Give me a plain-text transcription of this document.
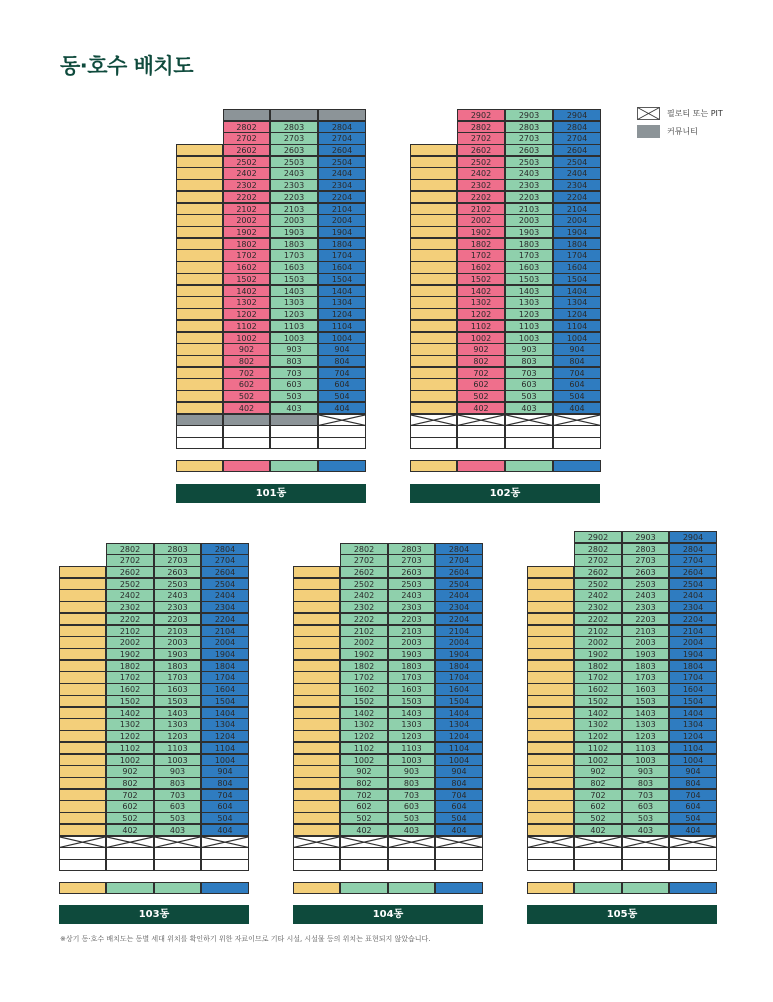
동·호수 배치도
필로티 또는 PIT
커뮤니티
※상기 동·호수 배치도는 동별 세대 위치를 확인하기 위한 자료이므로 기타 시설, 시설물 등의 위치는 표현되지 않았습니다.
2802	2803	2804
2702	2703	2704
2602	2603	2604
2502	2503	2504
2402	2403	2404
2302	2303	2304
2202	2203	2204
2102	2103	2104
2002	2003	2004
1902	1903	1904
1802	1803	1804
1702	1703	1704
1602	1603	1604
1502	1503	1504
1402	1403	1404
1302	1303	1304
1202	1203	1204
1102	1103	1104
1002	1003	1004
902	903	904
802	803	804
702	703	704
602	603	604
502	503	504
402	403	404
101동
2902	2903	2904
2802	2803	2804
2702	2703	2704
2602	2603	2604
2502	2503	2504
2402	2403	2404
2302	2303	2304
2202	2203	2204
2102	2103	2104
2002	2003	2004
1902	1903	1904
1802	1803	1804
1702	1703	1704
1602	1603	1604
1502	1503	1504
1402	1403	1404
1302	1303	1304
1202	1203	1204
1102	1103	1104
1002	1003	1004
902	903	904
802	803	804
702	703	704
602	603	604
502	503	504
402	403	404
102동
2802	2803	2804
2702	2703	2704
2602	2603	2604
2502	2503	2504
2402	2403	2404
2302	2303	2304
2202	2203	2204
2102	2103	2104
2002	2003	2004
1902	1903	1904
1802	1803	1804
1702	1703	1704
1602	1603	1604
1502	1503	1504
1402	1403	1404
1302	1303	1304
1202	1203	1204
1102	1103	1104
1002	1003	1004
902	903	904
802	803	804
702	703	704
602	603	604
502	503	504
402	403	404
103동
2802	2803	2804
2702	2703	2704
2602	2603	2604
2502	2503	2504
2402	2403	2404
2302	2303	2304
2202	2203	2204
2102	2103	2104
2002	2003	2004
1902	1903	1904
1802	1803	1804
1702	1703	1704
1602	1603	1604
1502	1503	1504
1402	1403	1404
1302	1303	1304
1202	1203	1204
1102	1103	1104
1002	1003	1004
902	903	904
802	803	804
702	703	704
602	603	604
502	503	504
402	403	404
104동
2902	2903	2904
2802	2803	2804
2702	2703	2704
2602	2603	2604
2502	2503	2504
2402	2403	2404
2302	2303	2304
2202	2203	2204
2102	2103	2104
2002	2003	2004
1902	1903	1904
1802	1803	1804
1702	1703	1704
1602	1603	1604
1502	1503	1504
1402	1403	1404
1302	1303	1304
1202	1203	1204
1102	1103	1104
1002	1003	1004
902	903	904
802	803	804
702	703	704
602	603	604
502	503	504
402	403	404
105동
